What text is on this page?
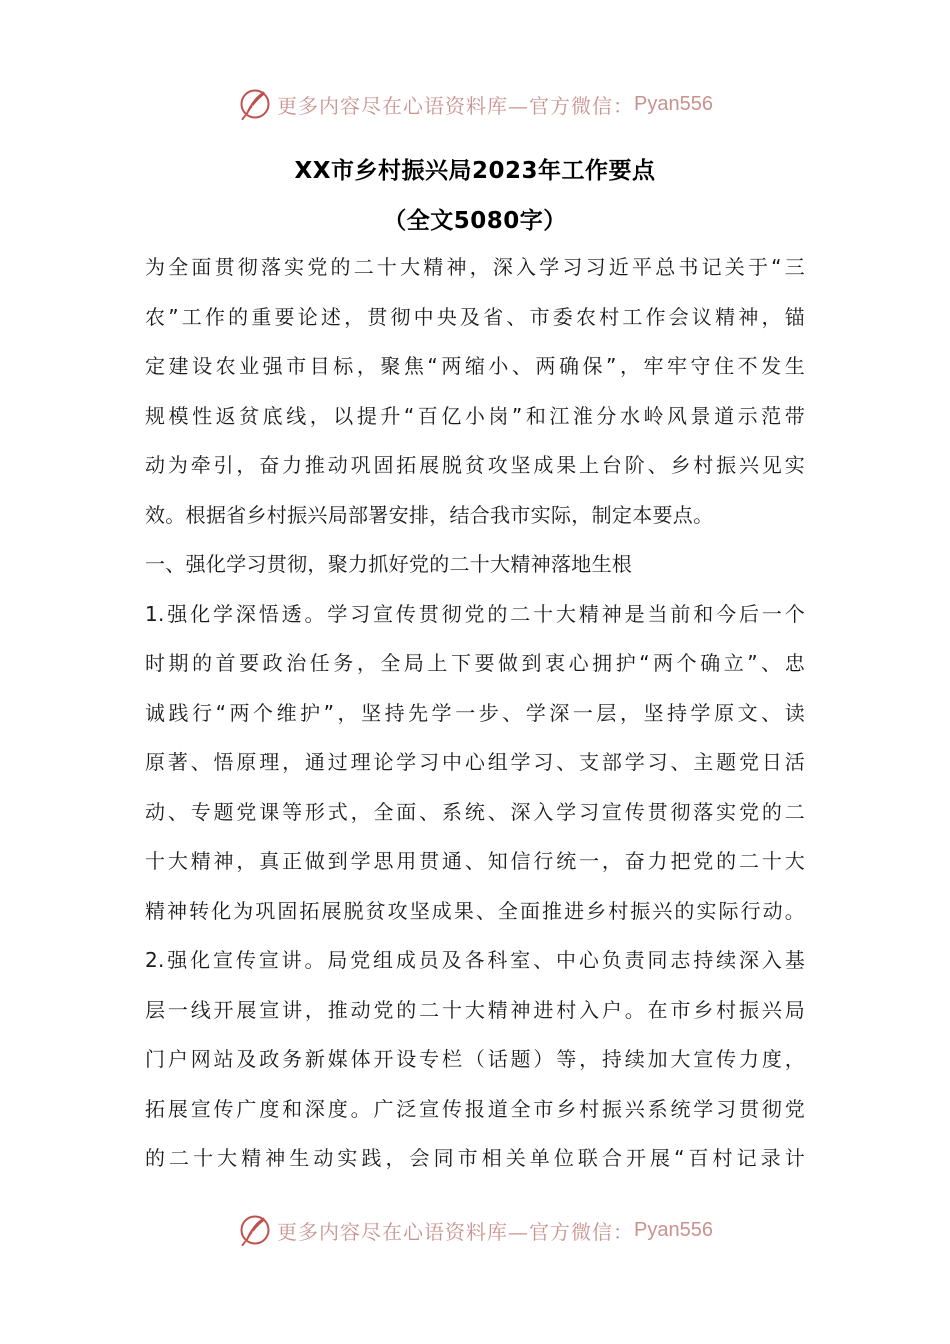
更多内容尽在心语资料库—官方微信： Pyan556
XX市乡村振兴局2023年工作要点
（全文5080字）
为全面贯彻落实党的二十大精神，深入学习习近平总书记关于“三
农”工作的重要论述，贯彻中央及省、市委农村工作会议精神，锚
定建设农业强市目标，聚焦“两缩小、两确保”，牢牢守住不发生
规模性返贫底线，以提升“百亿小岗”和江淮分水岭风景道示范带
动为牵引，奋力推动巩固拓展脱贫攻坚成果上台阶、乡村振兴见实
效。根据省乡村振兴局部署安排，结合我市实际，制定本要点。
一、强化学习贯彻，聚力抓好党的二十大精神落地生根
1.强化学深悟透。学习宣传贯彻党的二十大精神是当前和今后一个
时期的首要政治任务，全局上下要做到衷心拥护“两个确立”、忠
诚践行“两个维护”，坚持先学一步、学深一层，坚持学原文、读
原著、悟原理，通过理论学习中心组学习、支部学习、主题党日活
动、专题党课等形式，全面、系统、深入学习宣传贯彻落实党的二
十大精神，真正做到学思用贯通、知信行统一，奋力把党的二十大
精神转化为巩固拓展脱贫攻坚成果、全面推进乡村振兴的实际行动。
2.强化宣传宣讲。局党组成员及各科室、中心负责同志持续深入基
层一线开展宣讲，推动党的二十大精神进村入户。在市乡村振兴局
门户网站及政务新媒体开设专栏（话题）等，持续加大宣传力度，
拓展宣传广度和深度。广泛宣传报道全市乡村振兴系统学习贯彻党
的二十大精神生动实践，会同市相关单位联合开展“百村记录计
更多内容尽在心语资料库—官方微信： Pyan556
